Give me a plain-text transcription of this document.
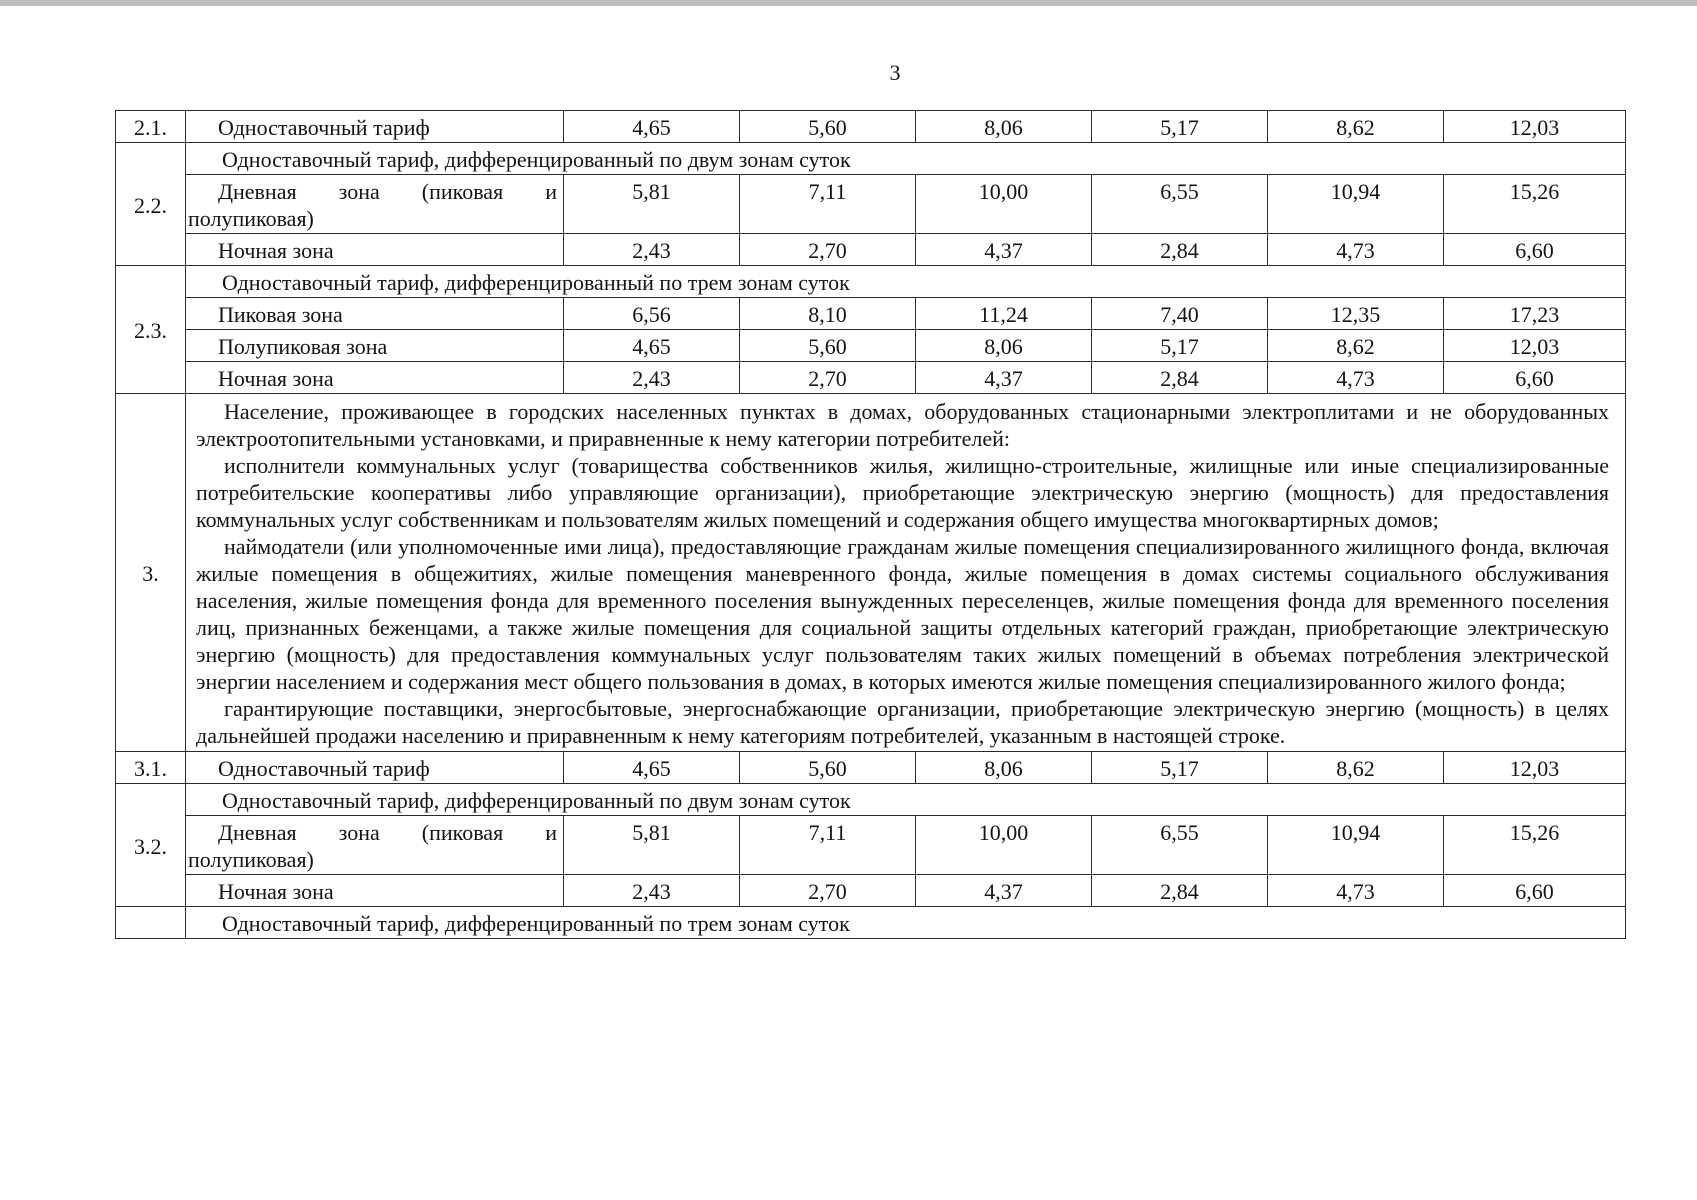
3
2.1.	Одноставочный тариф	4,65	5,60	8,06	5,17	8,62	12,03
2.2.	Одноставочный тариф, дифференцированный по двум зонам суток						

	Дневная зона (пиковая и
полупиковая)	5,81	7,11	10,00	6,55	10,94	15,26
	Ночная зона	2,43	2,70	4,37	2,84	4,73	6,60
2.3.	Одноставочный тариф, дифференцированный по трем зонам суток						
	Пиковая зона	6,56	8,10	11,24	7,40	12,35	17,23
	Полупиковая зона	4,65	5,60	8,06	5,17	8,62	12,03
	Ночная зона	2,43	2,70	4,37	2,84	4,73	6,60
3.	Население, проживающее в городских населенных пунктах в домах, оборудованных стационарными электроплитами и не оборудованных электроотопительными установками, и приравненные к нему категории потребителей:

исполнители коммунальных услуг (товарищества собственников жилья, жилищно-строительные, жилищные или иные специализированные потребительские кооперативы либо управляющие организации), приобретающие электрическую энергию (мощность) для предоставления коммунальных услуг собственникам и пользователям жилых помещений и содержания общего имущества многоквартирных домов;

наймодатели (или уполномоченные ими лица), предоставляющие гражданам жилые помещения специализированного жилищного фонда, включая жилые помещения в общежитиях, жилые помещения маневренного фонда, жилые помещения в домах системы социального обслуживания населения, жилые помещения фонда для временного поселения вынужденных переселенцев, жилые помещения фонда для временного поселения лиц, признанных беженцами, а также жилые помещения для социальной защиты отдельных категорий граждан, приобретающие электрическую энергию (мощность) для предоставления коммунальных услуг пользователям таких жилых помещений в объемах потребления электрической энергии населением и содержания мест общего пользования в домах, в которых имеются жилые помещения специализированного жилого фонда;

гарантирующие поставщики, энергосбытовые, энергоснабжающие организации, приобретающие электрическую энергию (мощность) в целях дальнейшей продажи населению и приравненным к нему категориям потребителей, указанным в настоящей строке.						

3.1.	Одноставочный тариф	4,65	5,60	8,06	5,17	8,62	12,03
3.2.	Одноставочный тариф, дифференцированный по двум зонам суток						

	Дневная зона (пиковая и
полупиковая)	5,81	7,11	10,00	6,55	10,94	15,26
	Ночная зона	2,43	2,70	4,37	2,84	4,73	6,60
	Одноставочный тариф, дифференцированный по трем зонам суток						
